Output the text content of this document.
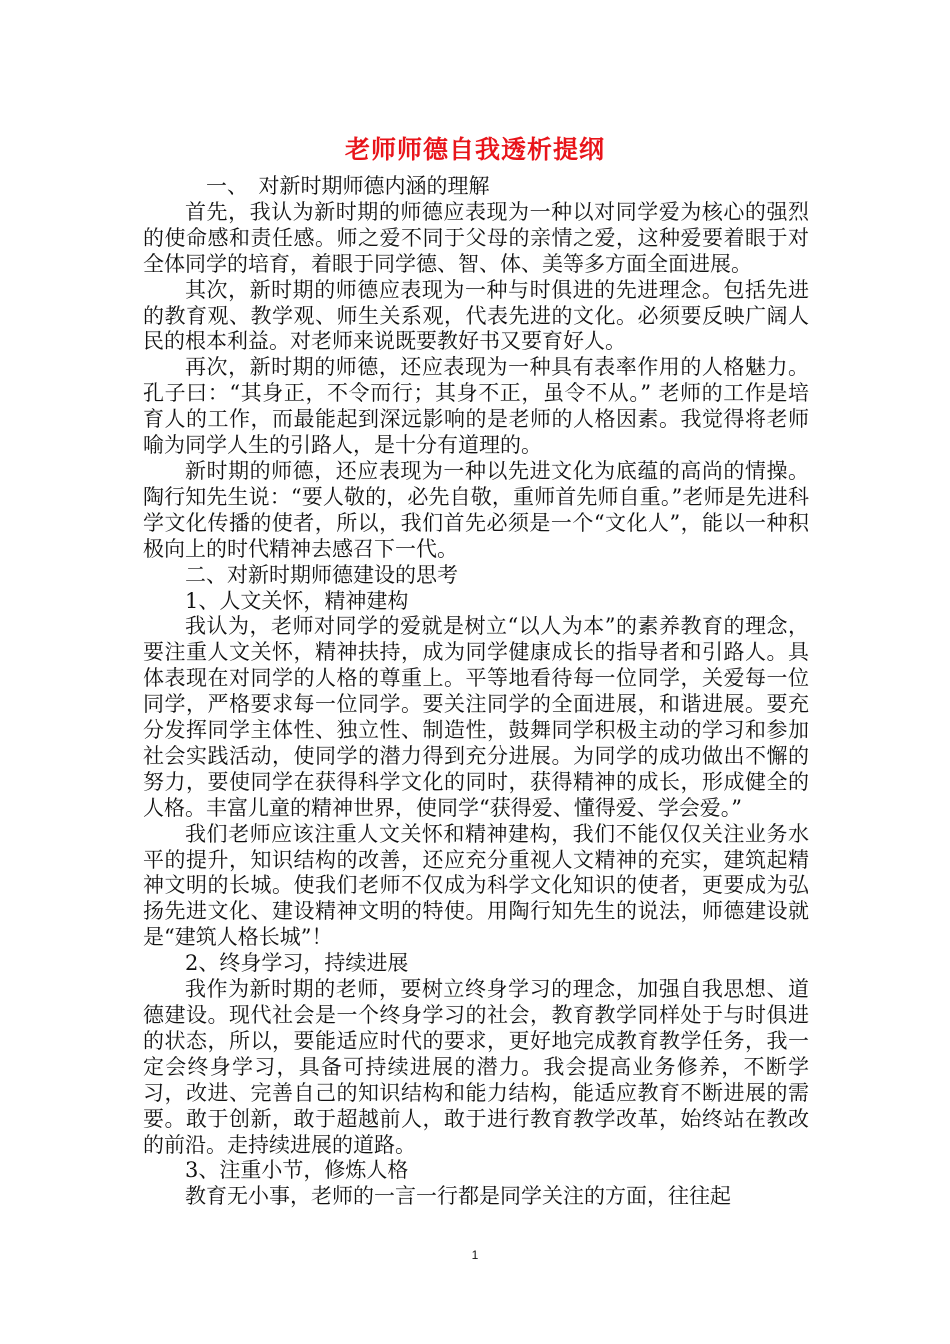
老师师德自我透析提纲

一、　对新时期师德内涵的理解

首先，我认为新时期的师德应表现为一种以对同学爱为核心的强烈的使命感和责任感。师之爱不同于父母的亲情之爱，这种爱要着眼于对全体同学的培育，着眼于同学德、智、体、美等多方面全面进展。

其次，新时期的师德应表现为一种与时俱进的先进理念。包括先进的教育观、教学观、师生关系观，代表先进的文化。必须要反映广阔人民的根本利益。对老师来说既要教好书又要育好人。

再次，新时期的师德，还应表现为一种具有表率作用的人格魅力。孔子曰：“其身正，不令而行；其身不正，虽令不从。” 老师的工作是培育人的工作，而最能起到深远影响的是老师的人格因素。我觉得将老师喻为同学人生的引路人，是十分有道理的。

新时期的师德，还应表现为一种以先进文化为底蕴的高尚的情操。陶行知先生说：“要人敬的，必先自敬，重师首先师自重。”老师是先进科学文化传播的使者，所以，我们首先必须是一个“文化人”，能以一种积极向上的时代精神去感召下一代。

二、对新时期师德建设的思考

1、人文关怀，精神建构

我认为，老师对同学的爱就是树立“以人为本”的素养教育的理念，要注重人文关怀，精神扶持，成为同学健康成长的指导者和引路人。具体表现在对同学的人格的尊重上。平等地看待每一位同学，关爱每一位同学，严格要求每一位同学。要关注同学的全面进展，和谐进展。要充分发挥同学主体性、独立性、制造性，鼓舞同学积极主动的学习和参加社会实践活动，使同学的潜力得到充分进展。为同学的成功做出不懈的努力，要使同学在获得科学文化的同时，获得精神的成长，形成健全的人格。丰富儿童的精神世界，使同学“获得爱、懂得爱、学会爱。”

我们老师应该注重人文关怀和精神建构，我们不能仅仅关注业务水平的提升，知识结构的改善，还应充分重视人文精神的充实，建筑起精神文明的长城。使我们老师不仅成为科学文化知识的使者，更要成为弘扬先进文化、建设精神文明的特使。用陶行知先生的说法，师德建设就是“建筑人格长城”！

2、终身学习，持续进展

我作为新时期的老师，要树立终身学习的理念，加强自我思想、道德建设。现代社会是一个终身学习的社会，教育教学同样处于与时俱进的状态，所以，要能适应时代的要求，更好地完成教育教学任务，我一定会终身学习，具备可持续进展的潜力。我会提高业务修养，不断学习，改进、完善自己的知识结构和能力结构，能适应教育不断进展的需要。敢于创新，敢于超越前人，敢于进行教育教学改革，始终站在教改的前沿。走持续进展的道路。

3、注重小节，修炼人格

教育无小事，老师的一言一行都是同学关注的方面，往往起

1
